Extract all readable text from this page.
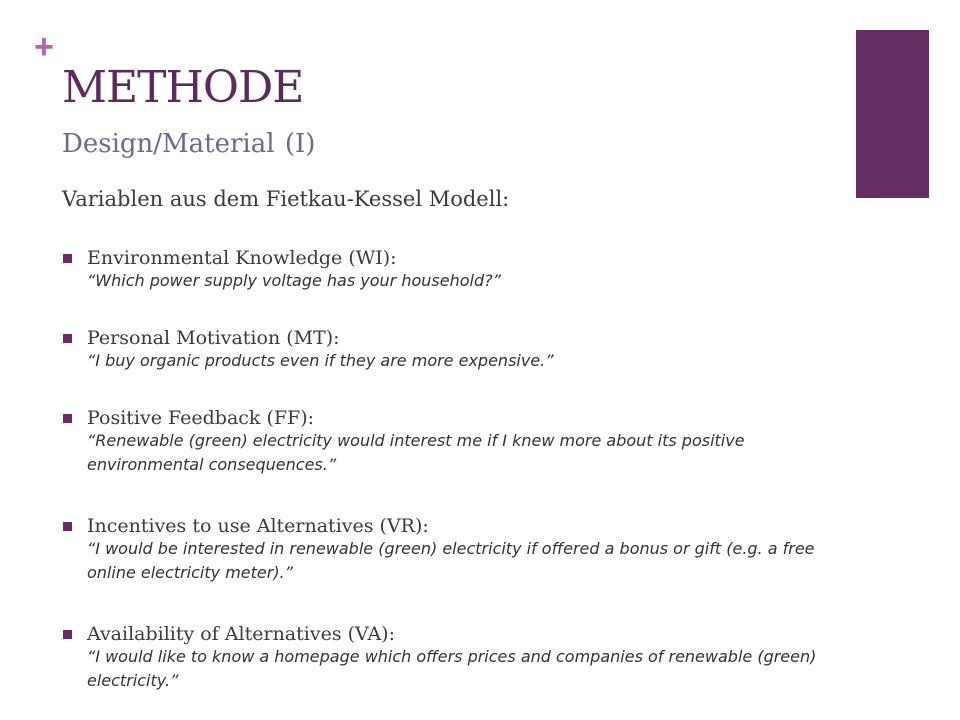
+
METHODE
Design/Material (I)
Variablen aus dem Fietkau-Kessel Modell:
Environmental Knowledge (WI):
“Which power supply voltage has your household?”
Personal Motivation (MT):
“I buy organic products even if they are more expensive.”
Positive Feedback (FF):
“Renewable (green) electricity would interest me if I knew more about its positive environmental consequences.”
Incentives to use Alternatives (VR):
“I would be interested in renewable (green) electricity if offered a bonus or gift (e.g. a free online electricity meter).”
Availability of Alternatives (VA):
“I would like to know a homepage which offers prices and companies of renewable (green) electricity.”
